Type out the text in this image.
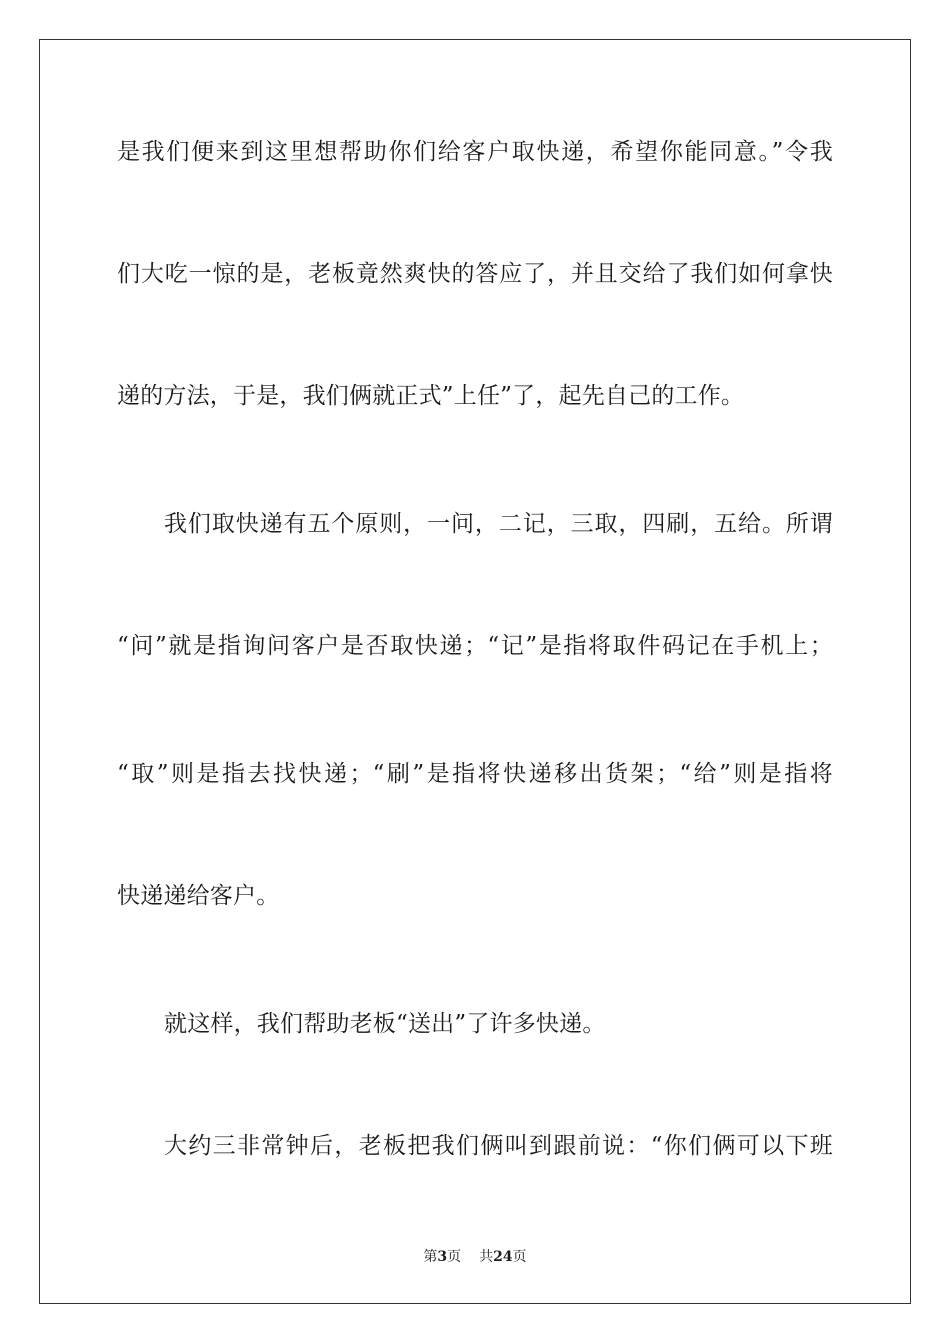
是我们便来到这里想帮助你们给客户取快递，希望你能同意。”令我
们大吃一惊的是，老板竟然爽快的答应了，并且交给了我们如何拿快
递的方法，于是，我们俩就正式”上任”了，起先自己的工作。
我们取快递有五个原则，一问，二记，三取，四刷，五给。所谓
“问”就是指询问客户是否取快递；“记”是指将取件码记在手机上；
“取”则是指去找快递；“刷”是指将快递移出货架；“给”则是指将
快递递给客户。
就这样，我们帮助老板“送出”了许多快递。
大约三非常钟后，老板把我们俩叫到跟前说：“你们俩可以下班
第3页 共24页
